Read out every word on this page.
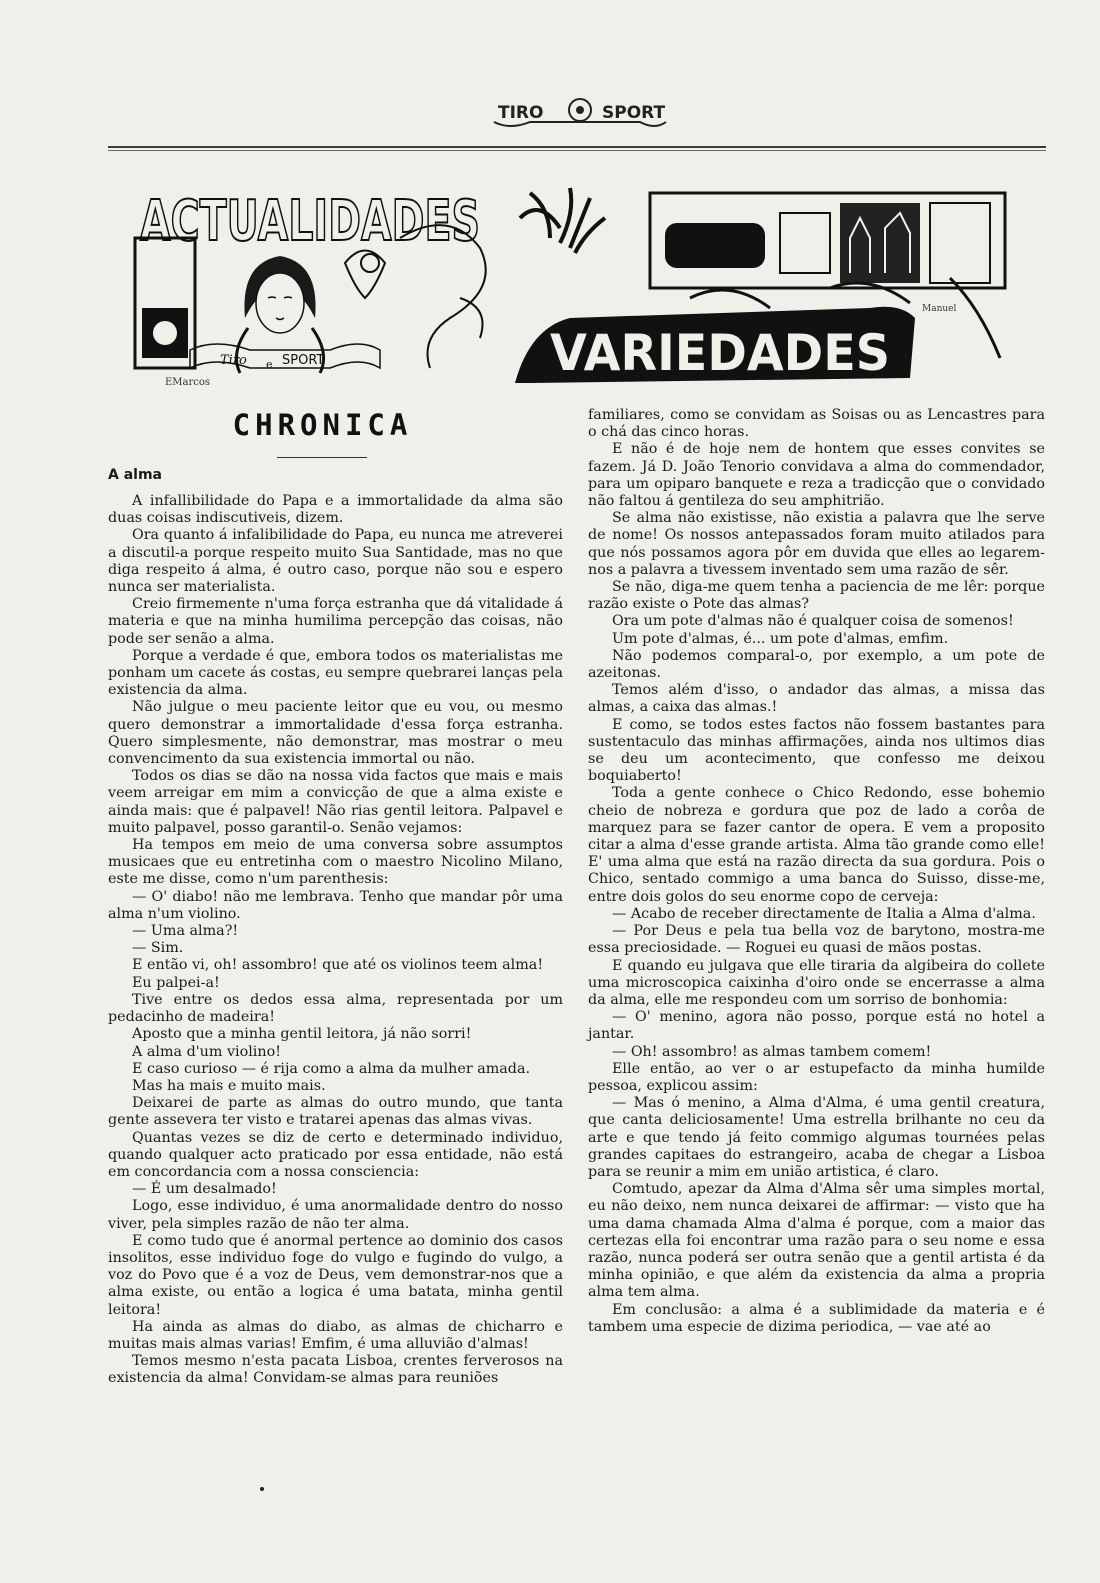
TIRO	SPORT
ACTUALIDADES
Tiro e SPORT
EMarcos
VARIEDADES
Manuel
CHRONICA
A alma

A infallibilidade do Papa e a immortalidade da alma são duas coisas indiscutiveis, dizem.

Ora quanto á infalibilidade do Papa, eu nunca me atreverei a discutil-a porque respeito muito Sua Santidade, mas no que diga respeito á alma, é outro caso, porque não sou e espero nunca ser materialista.

Creio firmemente n'uma força estranha que dá vitalidade á materia e que na minha humilima percepção das coisas, não pode ser senão a alma.

Porque a verdade é que, embora todos os materialistas me ponham um cacete ás costas, eu sempre quebrarei lanças pela existencia da alma.

Não julgue o meu paciente leitor que eu vou, ou mesmo quero demonstrar a immortalidade d'essa força estranha. Quero simplesmente, não demonstrar, mas mostrar o meu convencimento da sua existencia immortal ou não.

Todos os dias se dão na nossa vida factos que mais e mais veem arreigar em mim a convicção de que a alma existe e ainda mais: que é palpavel! Não rias gentil leitora. Palpavel e muito palpavel, posso garantil-o. Senão vejamos:

Ha tempos em meio de uma conversa sobre assumptos musicaes que eu entretinha com o maestro Nicolino Milano, este me disse, como n'um parenthesis:

— O' diabo! não me lembrava. Tenho que mandar pôr uma alma n'um violino.

— Uma alma?!

— Sim.

E então vi, oh! assombro! que até os violinos teem alma!

Eu palpei-a!

Tive entre os dedos essa alma, representada por um pedacinho de madeira!

Aposto que a minha gentil leitora, já não sorri!

A alma d'um violino!

E caso curioso — é rija como a alma da mulher amada.

Mas ha mais e muito mais.

Deixarei de parte as almas do outro mundo, que tanta gente assevera ter visto e tratarei apenas das almas vivas.

Quantas vezes se diz de certo e determinado individuo, quando qualquer acto praticado por essa entidade, não está em concordancia com a nossa consciencia:

— É um desalmado!

Logo, esse individuo, é uma anormalidade dentro do nosso viver, pela simples razão de não ter alma.

E como tudo que é anormal pertence ao dominio dos casos insolitos, esse individuo foge do vulgo e fugindo do vulgo, a voz do Povo que é a voz de Deus, vem demonstrar-nos que a alma existe, ou então a logica é uma batata, minha gentil leitora!

Ha ainda as almas do diabo, as almas de chicharro e muitas mais almas varias! Emfim, é uma alluvião d'almas!

Temos mesmo n'esta pacata Lisboa, crentes ferverosos na existencia da alma! Convidam-se almas para reuniões

familiares, como se convidam as Soisas ou as Lencastres para o chá das cinco horas.

E não é de hoje nem de hontem que esses convites se fazem. Já D. João Tenorio convidava a alma do commendador, para um opiparo banquete e reza a tradicção que o convidado não faltou á gentileza do seu amphitrião.

Se alma não existisse, não existia a palavra que lhe serve de nome! Os nossos antepassados foram muito atilados para que nós possamos agora pôr em duvida que elles ao legarem-nos a palavra a tivessem inventado sem uma razão de sêr.

Se não, diga-me quem tenha a paciencia de me lêr: porque razão existe o Pote das almas?

Ora um pote d'almas não é qualquer coisa de somenos!

Um pote d'almas, é... um pote d'almas, emfim.

Não podemos comparal-o, por exemplo, a um pote de azeitonas.

Temos além d'isso, o andador das almas, a missa das almas, a caixa das almas.!

E como, se todos estes factos não fossem bastantes para sustentaculo das minhas affirmações, ainda nos ultimos dias se deu um acontecimento, que confesso me deixou boquiaberto!

Toda a gente conhece o Chico Redondo, esse bohemio cheio de nobreza e gordura que poz de lado a corôa de marquez para se fazer cantor de opera. E vem a proposito citar a alma d'esse grande artista. Alma tão grande como elle! E' uma alma que está na razão directa da sua gordura. Pois o Chico, sentado commigo a uma banca do Suisso, disse-me, entre dois golos do seu enorme copo de cerveja:

— Acabo de receber directamente de Italia a Alma d'alma.

— Por Deus e pela tua bella voz de barytono, mostra-me essa preciosidade. — Roguei eu quasi de mãos postas.

E quando eu julgava que elle tiraria da algibeira do collete uma microscopica caixinha d'oiro onde se encerrasse a alma da alma, elle me respondeu com um sorriso de bonhomia:

— O' menino, agora não posso, porque está no hotel a jantar.

— Oh! assombro! as almas tambem comem!

Elle então, ao ver o ar estupefacto da minha humilde pessoa, explicou assim:

— Mas ó menino, a Alma d'Alma, é uma gentil creatura, que canta deliciosamente! Uma estrella brilhante no ceu da arte e que tendo já feito commigo algumas tournées pelas grandes capitaes do estrangeiro, acaba de chegar a Lisboa para se reunir a mim em união artistica, é claro.

Comtudo, apezar da Alma d'Alma sêr uma simples mortal, eu não deixo, nem nunca deixarei de affirmar: — visto que ha uma dama chamada Alma d'alma é porque, com a maior das certezas ella foi encontrar uma razão para o seu nome e essa razão, nunca poderá ser outra senão que a gentil artista é da minha opinião, e que além da existencia da alma a propria alma tem alma.

Em conclusão: a alma é a sublimidade da materia e é tambem uma especie de dizima periodica, — vae até ao
